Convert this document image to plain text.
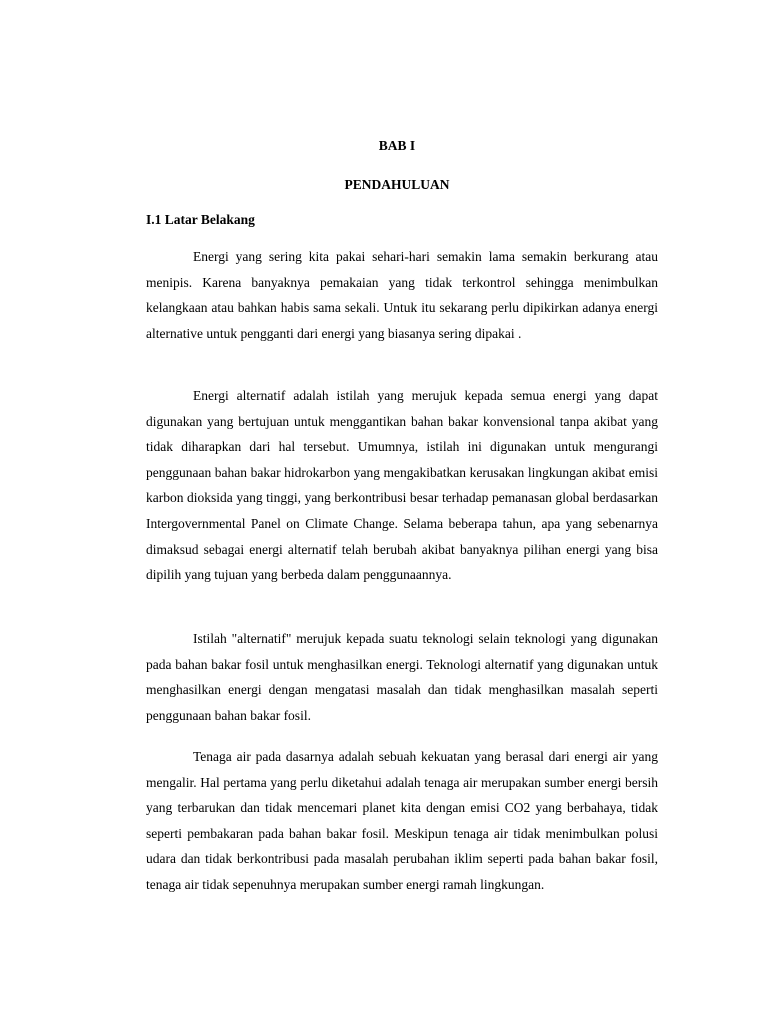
BAB I
PENDAHULUAN
I.1 Latar Belakang

Energi yang sering kita pakai sehari-hari semakin lama semakin berkurang atau menipis. Karena banyaknya pemakaian yang tidak terkontrol sehingga menimbulkan kelangkaan atau bahkan habis sama sekali. Untuk itu sekarang perlu dipikirkan adanya energi alternative untuk pengganti dari energi yang biasanya sering dipakai .

Energi alternatif adalah istilah yang merujuk kepada semua energi yang dapat digunakan yang bertujuan untuk menggantikan bahan bakar konvensional tanpa akibat yang tidak diharapkan dari hal tersebut. Umumnya, istilah ini digunakan untuk mengurangi penggunaan bahan bakar hidrokarbon yang mengakibatkan kerusakan lingkungan akibat emisi karbon dioksida yang tinggi, yang berkontribusi besar terhadap pemanasan global berdasarkan Intergovernmental Panel on Climate Change. Selama beberapa tahun, apa yang sebenarnya dimaksud sebagai energi alternatif telah berubah akibat banyaknya pilihan energi yang bisa dipilih yang tujuan yang berbeda dalam penggunaannya.

Istilah "alternatif" merujuk kepada suatu teknologi selain teknologi yang digunakan pada bahan bakar fosil untuk menghasilkan energi. Teknologi alternatif yang digunakan untuk menghasilkan energi dengan mengatasi masalah dan tidak menghasilkan masalah seperti penggunaan bahan bakar fosil.

Tenaga air pada dasarnya adalah sebuah kekuatan yang berasal dari energi air yang mengalir. Hal pertama yang perlu diketahui adalah tenaga air merupakan sumber energi bersih yang terbarukan dan tidak mencemari planet kita dengan emisi CO2 yang berbahaya, tidak seperti pembakaran pada bahan bakar fosil. Meskipun tenaga air tidak menimbulkan polusi udara dan tidak berkontribusi pada masalah perubahan iklim seperti pada bahan bakar fosil, tenaga air tidak sepenuhnya merupakan sumber energi ramah lingkungan.
